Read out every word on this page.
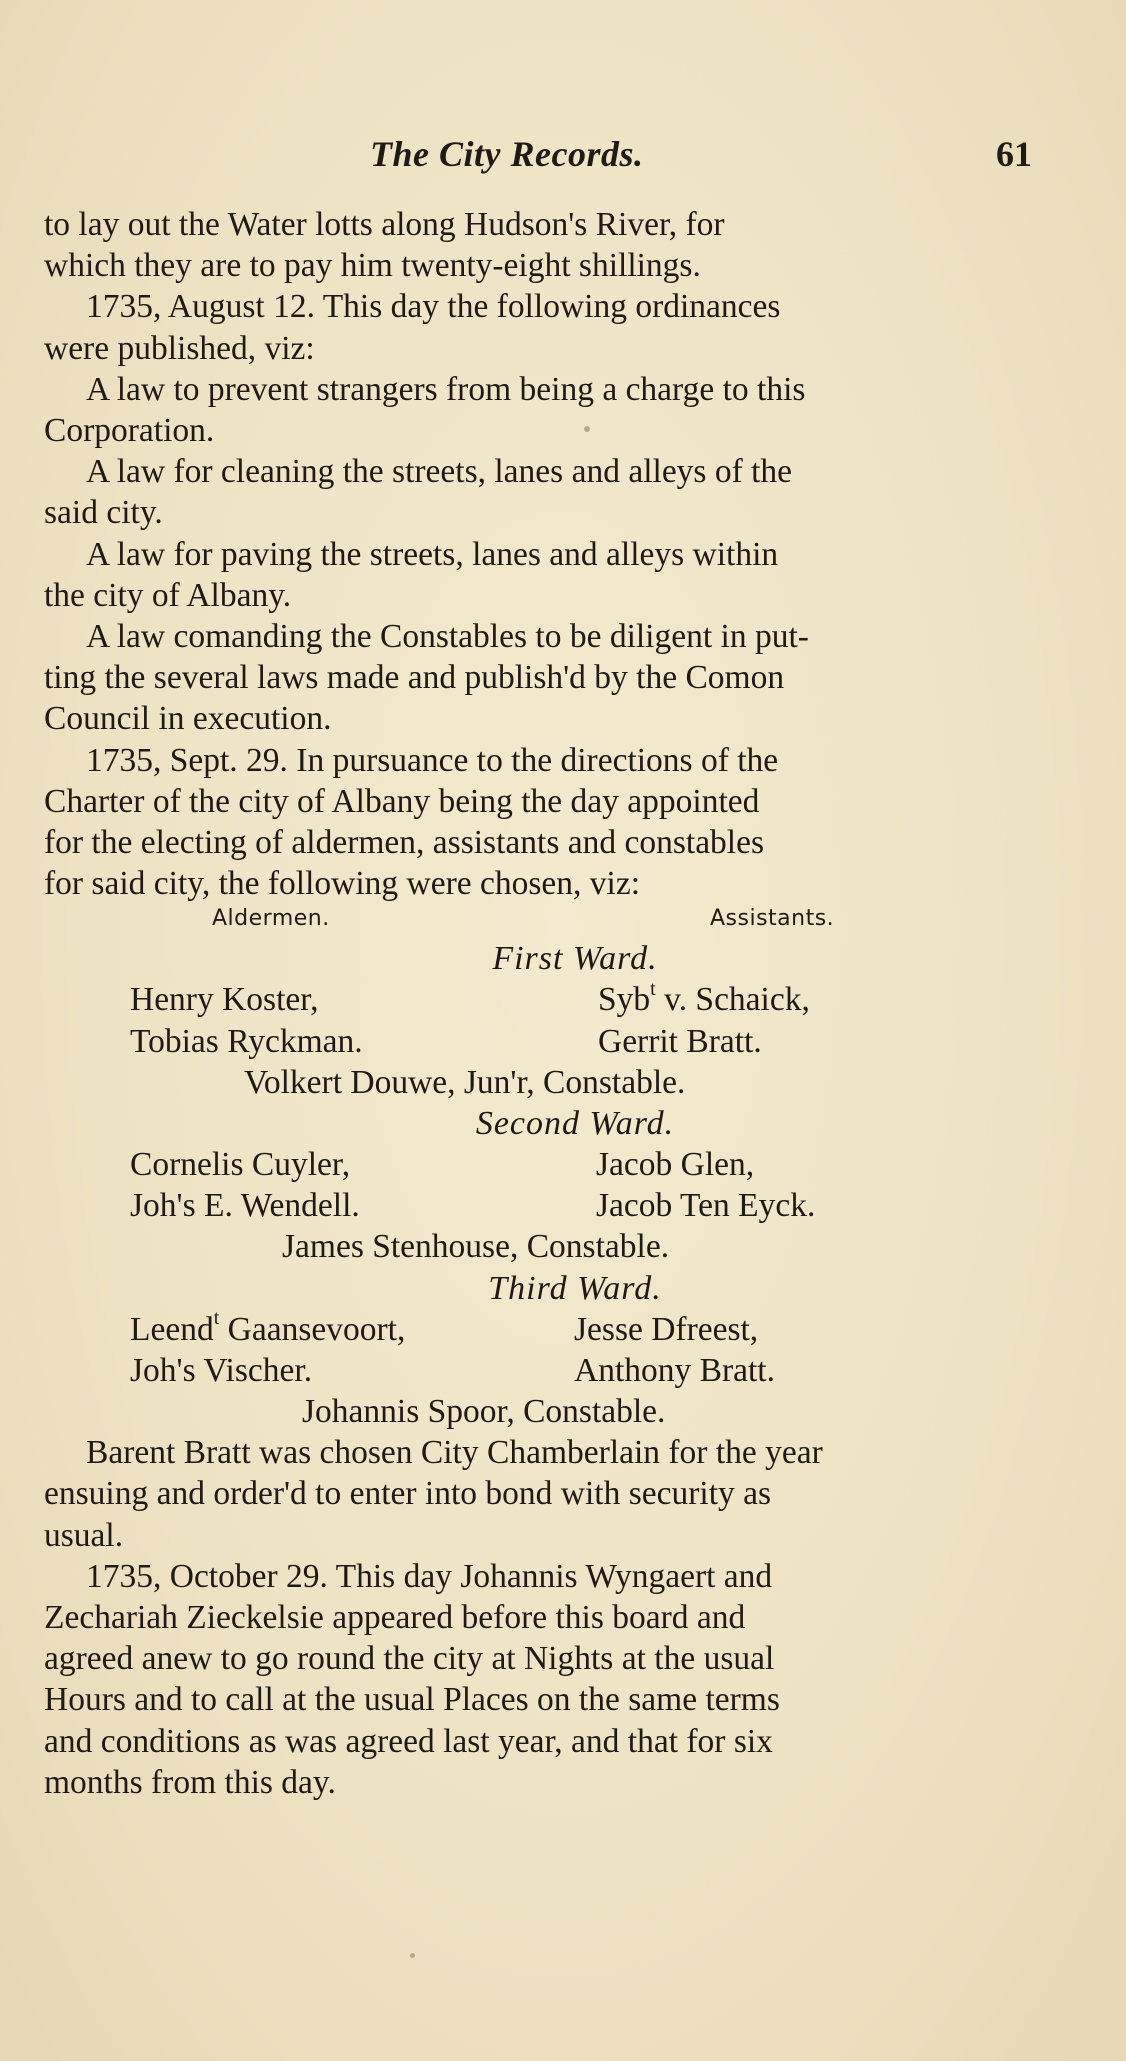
The City Records.	61
to lay out the Water lotts along Hudson's River, for
which they are to pay him twenty-eight shillings.
1735, August 12. This day the following ordinances
were published, viz:
A law to prevent strangers from being a charge to this
Corporation.
A law for cleaning the streets, lanes and alleys of the
said city.
A law for paving the streets, lanes and alleys within
the city of Albany.
A law comanding the Constables to be diligent in put-
ting the several laws made and publish'd by the Comon
Council in execution.
1735, Sept. 29. In pursuance to the directions of the
Charter of the city of Albany being the day appointed
for the electing of aldermen, assistants and constables
for said city, the following were chosen, viz:
Aldermen.	Assistants.
First Ward.
Henry Koster,	Syb$^t$ v. Schaick,
Tobias Ryckman.	Gerrit Bratt.
Volkert Douwe, Jun'r, Constable.
Second Ward.
Cornelis Cuyler,	Jacob Glen,
Joh's E. Wendell.	Jacob Ten Eyck.
James Stenhouse, Constable.
Third Ward.
Leend$^t$ Gaansevoort,	Jesse Dfreest,
Joh's Vischer.	Anthony Bratt.
Johannis Spoor, Constable.
Barent Bratt was chosen City Chamberlain for the year
ensuing and order'd to enter into bond with security as
usual.
1735, October 29. This day Johannis Wyngaert and
Zechariah Zieckelsie appeared before this board and
agreed anew to go round the city at Nights at the usual
Hours and to call at the usual Places on the same terms
and conditions as was agreed last year, and that for six
months from this day.
